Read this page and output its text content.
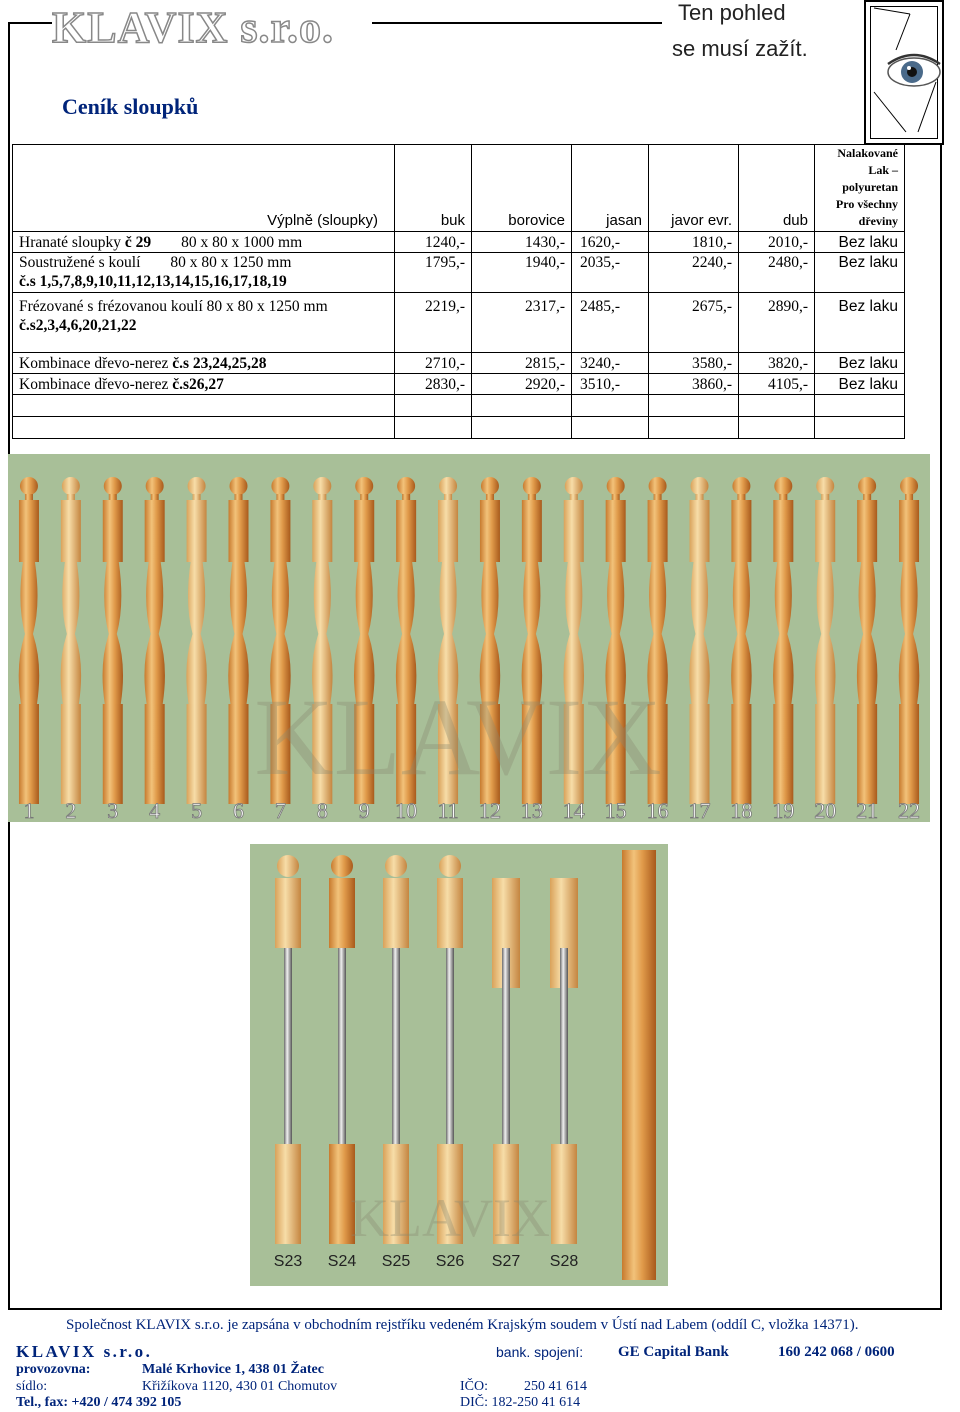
KLAVIX s.r.o.	Ten pohled
se musí zažít.
Ceník sloupků
Výplně (sloupky)	buk	borovice	jasan	javor evr.	dub	Nalakované
Lak –
polyuretan
Pro všechny
dřeviny

Hranaté sloupky č 29 80 x 80 x 1000 mm	1240,-	1430,-	1620,-	1810,-	2010,-	Bez laku

Soustružené s koulí 80 x 80 x 1250 mm
č.s 1,5,7,8,9,10,11,12,13,14,15,16,17,18,19	1795,-	1940,-	2035,-	2240,-	2480,-	Bez laku

Frézované s frézovanou koulí 80 x 80 x 1250 mm
č.s2,3,4,6,20,21,22	2219,-	2317,-	2485,-	2675,-	2890,-	Bez laku
Kombinace dřevo-nerez č.s 23,24,25,28	2710,-	2815,-	3240,-	3580,-	3820,-	Bez laku
Kombinace dřevo-nerez č.s26,27	2830,-	2920,-	3510,-	3860,-	4105,-	Bez laku

KLAVIX
1 2 3 4 5 6 7 8 9 10 11 12 13 14 15 16 17 18 19 20 21 22
KLAVIX
S23 S24 S25 S26 S27 S28
Společnost KLAVIX s.r.o. je zapsána v obchodním rejstříku vedeném Krajským soudem v Ústí nad Labem (oddíl C, vložka 14371).
KLAVIX s.r.o.
provozovna:	Malé Krhovice 1, 438 01 Žatec
sídlo:	Křižíkova 1120, 430 01 Chomutov
Tel., fax: +420 / 474 392 105
bank. spojení: GE Capital Bank	160 242 068 / 0600
IČO:	250 41 614
DIČ: 182-250 41 614
